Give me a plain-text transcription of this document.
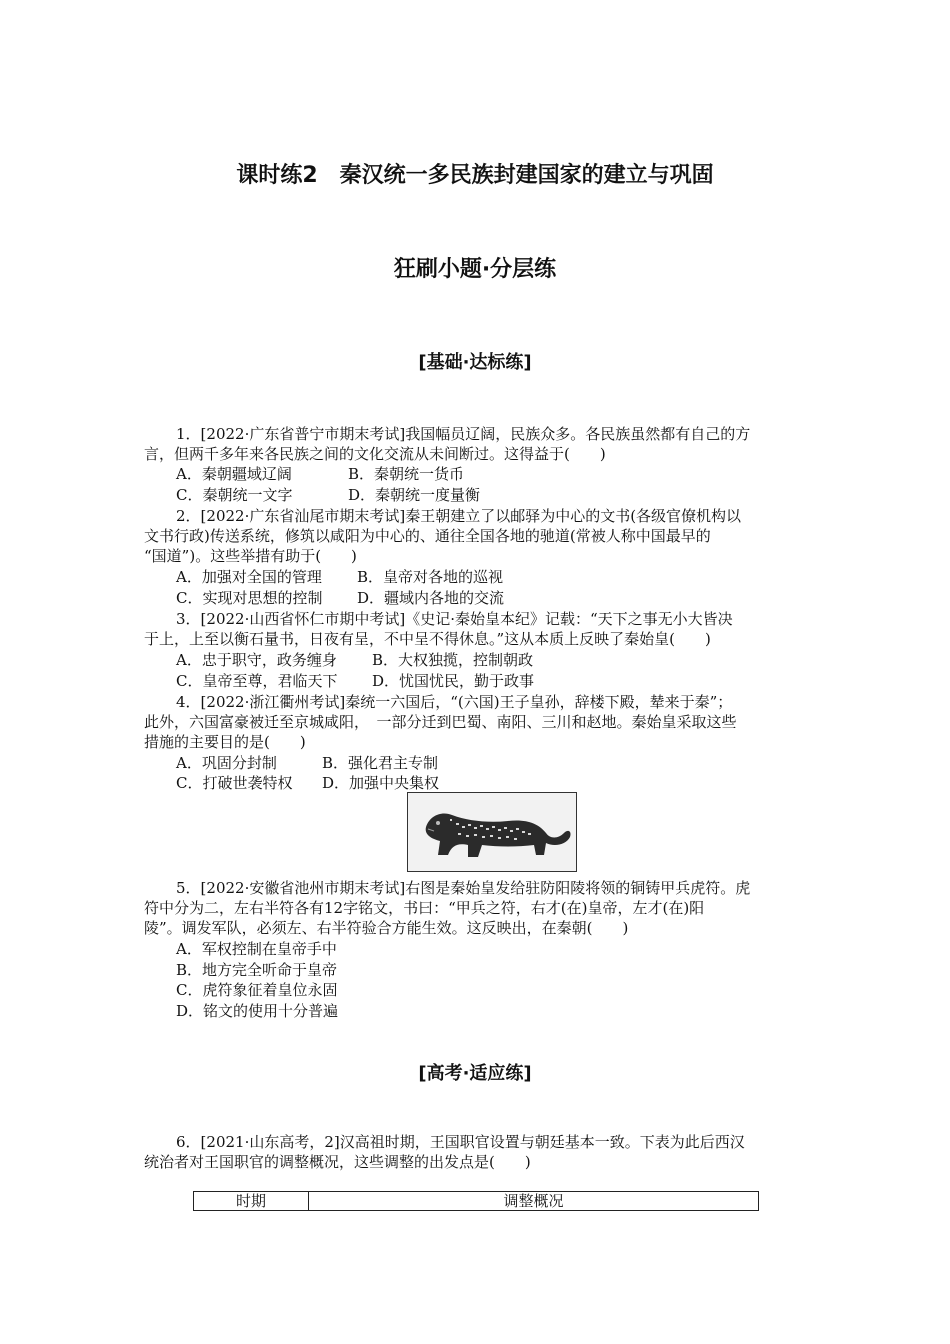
课时练2　秦汉统一多民族封建国家的建立与巩固
狂刷小题·分层练
[基础·达标练]
1．[2022·广东省普宁市期末考试]我国幅员辽阔，民族众多。各民族虽然都有自己的方
言，但两千多年来各民族之间的文化交流从未间断过。这得益于(　　)
A．秦朝疆域辽阔	B．秦朝统一货币
C．秦朝统一文字	D．秦朝统一度量衡
2．[2022·广东省汕尾市期末考试]秦王朝建立了以邮驿为中心的文书(各级官僚机构以
文书行政)传送系统，修筑以咸阳为中心的、通往全国各地的驰道(常被人称中国最早的
“国道”)。这些举措有助于(　　)
A．加强对全国的管理 B．皇帝对各地的巡视
C．实现对思想的控制 D．疆域内各地的交流
3．[2022·山西省怀仁市期中考试]《史记·秦始皇本纪》记载：“天下之事无小大皆决
于上，上至以衡石量书，日夜有呈，不中呈不得休息。”这从本质上反映了秦始皇(　　)
A．忠于职守，政务缠身 B．大权独揽，控制朝政
C．皇帝至尊，君临天下 D．忧国忧民，勤于政事
4．[2022·浙江衢州考试]秦统一六国后，“(六国)王子皇孙，辞楼下殿，辇来于秦”；
此外，六国富豪被迁至京城咸阳，　一部分迁到巴蜀、南阳、三川和赵地。秦始皇采取这些
措施的主要目的是(　　)
A．巩固分封制	B．强化君主专制
C．打破世袭特权 D．加强中央集权
5．[2022·安徽省池州市期末考试]右图是秦始皇发给驻防阳陵将领的铜铸甲兵虎符。虎
符中分为二，左右半符各有12字铭文，书曰：“甲兵之符，右才(在)皇帝，左才(在)阳
陵”。调发军队，必须左、右半符验合方能生效。这反映出，在秦朝(　　)
A．军权控制在皇帝手中
B．地方完全听命于皇帝
C．虎符象征着皇位永固
D．铭文的使用十分普遍
[高考·适应练]
6．[2021·山东高考，2]汉高祖时期，王国职官设置与朝廷基本一致。下表为此后西汉
统治者对王国职官的调整概况，这些调整的出发点是(　　)
时期	调整概况
